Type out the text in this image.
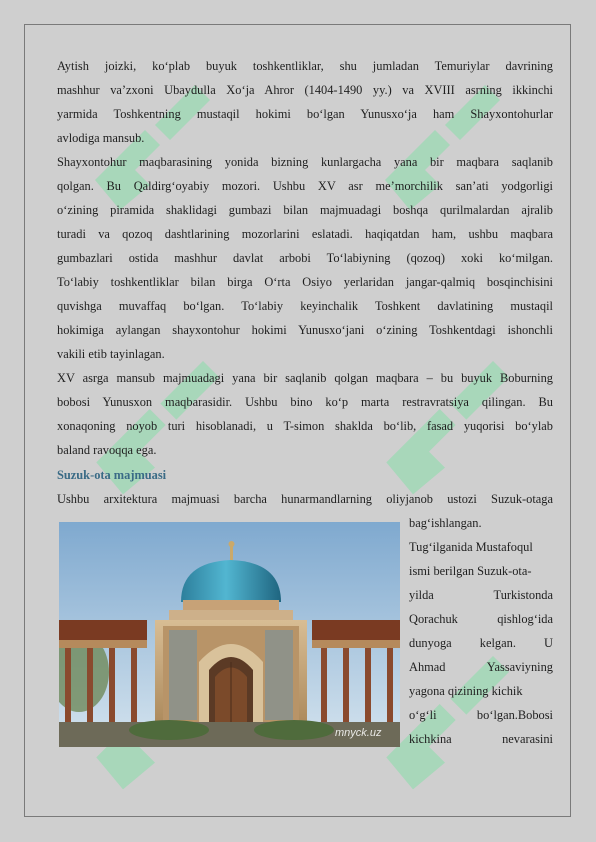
Aytish joizki, ko‘plab buyuk toshkentliklar, shu jumladan Temuriylar davrining

mashhur va’zxoni Ubaydulla Xo‘ja Ahror (1404-1490 yy.) va XVIII asrning ikkinchi

yarmida Toshkentning mustaqil hokimi bo‘lgan Yunusxo‘ja ham Shayxontohurlar

avlodiga mansub.

Shayxontohur maqbarasining yonida bizning kunlargacha yana bir maqbara saqlanib

qolgan. Bu Qaldirg‘oyabiy mozori. Ushbu XV asr me’morchilik san’ati yodgorligi

o‘zining piramida shaklidagi gumbazi bilan majmuadagi boshqa qurilmalardan ajralib

turadi va qozoq dashtlarining mozorlarini eslatadi. haqiqatdan ham, ushbu maqbara

gumbazlari ostida mashhur davlat arbobi To‘labiyning (qozoq) xoki ko‘milgan.

To‘labiy toshkentliklar bilan birga O‘rta Osiyo yerlaridan jangar-qalmiq bosqinchisini

quvishga muvaffaq bo‘lgan. To‘labiy keyinchalik Toshkent davlatining mustaqil

hokimiga aylangan shayxontohur hokimi Yunusxo‘jani o‘zining Toshkentdagi ishonchli

vakili etib tayinlagan.

XV asrga mansub majmuadagi yana bir saqlanib qolgan maqbara – bu buyuk Boburning

bobosi Yunusxon maqbarasidir. Ushbu bino ko‘p marta restravratsiya qilingan. Bu

xonaqoning noyob turi hisoblanadi, u T-simon shaklda bo‘lib, fasad yuqorisi bo‘ylab

baland ravoqqa ega.

Suzuk-ota majmuasi

Ushbu arxitektura majmuasi barcha hunarmandlarning oliyjanob ustozi Suzuk-otaga

bag‘ishlangan.

Tug‘ilganida Mustafoqul

ismi berilgan Suzuk-ota-

yilda Turkistonda

Qorachuk qishlog‘ida

dunyoga kelgan. U

Ahmad Yassaviyning

yagona qizining kichik

o‘g‘li bo‘lgan.Bobosi

kichkina nevarasini

mnyck.uz
